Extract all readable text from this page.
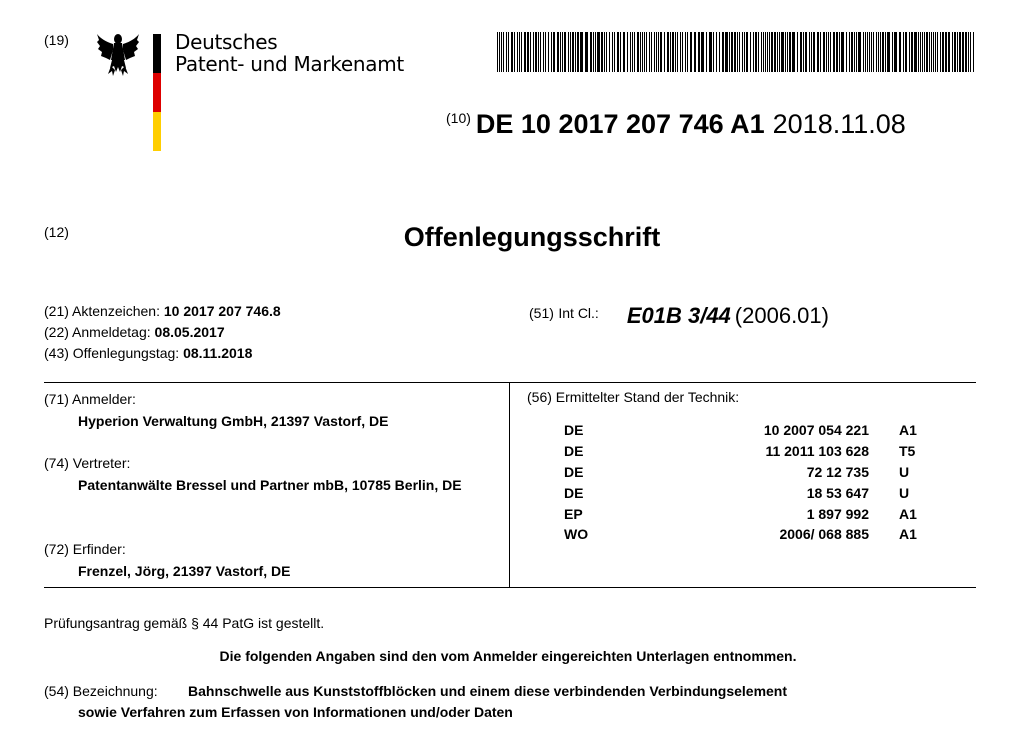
(19)	Deutsches
Patent- und Markenamt
(10) DE 10 2017 207 746 A1 2018.11.08
(12)	Offenlegungsschrift
(21) Aktenzeichen: 10 2017 207 746.8
(22) Anmeldetag: 08.05.2017
(43) Offenlegungstag: 08.11.2018
(51) Int Cl.: E01B 3/44 (2006.01)
(71) Anmelder:
Hyperion Verwaltung GmbH, 21397 Vastorf, DE
(74) Vertreter:
Patentanwälte Bressel und Partner mbB, 10785 Berlin, DE
(72) Erfinder:
Frenzel, Jörg, 21397 Vastorf, DE
(56) Ermittelter Stand der Technik:
DE	10 2007 054 221	A1
DE	11 2011 103 628	T5
DE	72 12 735	U
DE	18 53 647	U
EP	1 897 992	A1
WO	2006/ 068 885	A1
Prüfungsantrag gemäß § 44 PatG ist gestellt.
Die folgenden Angaben sind den vom Anmelder eingereichten Unterlagen entnommen.
(54) Bezeichnung: Bahnschwelle aus Kunststoffblöcken und einem diese verbindenden Verbindungselement
sowie Verfahren zum Erfassen von Informationen und/oder Daten
